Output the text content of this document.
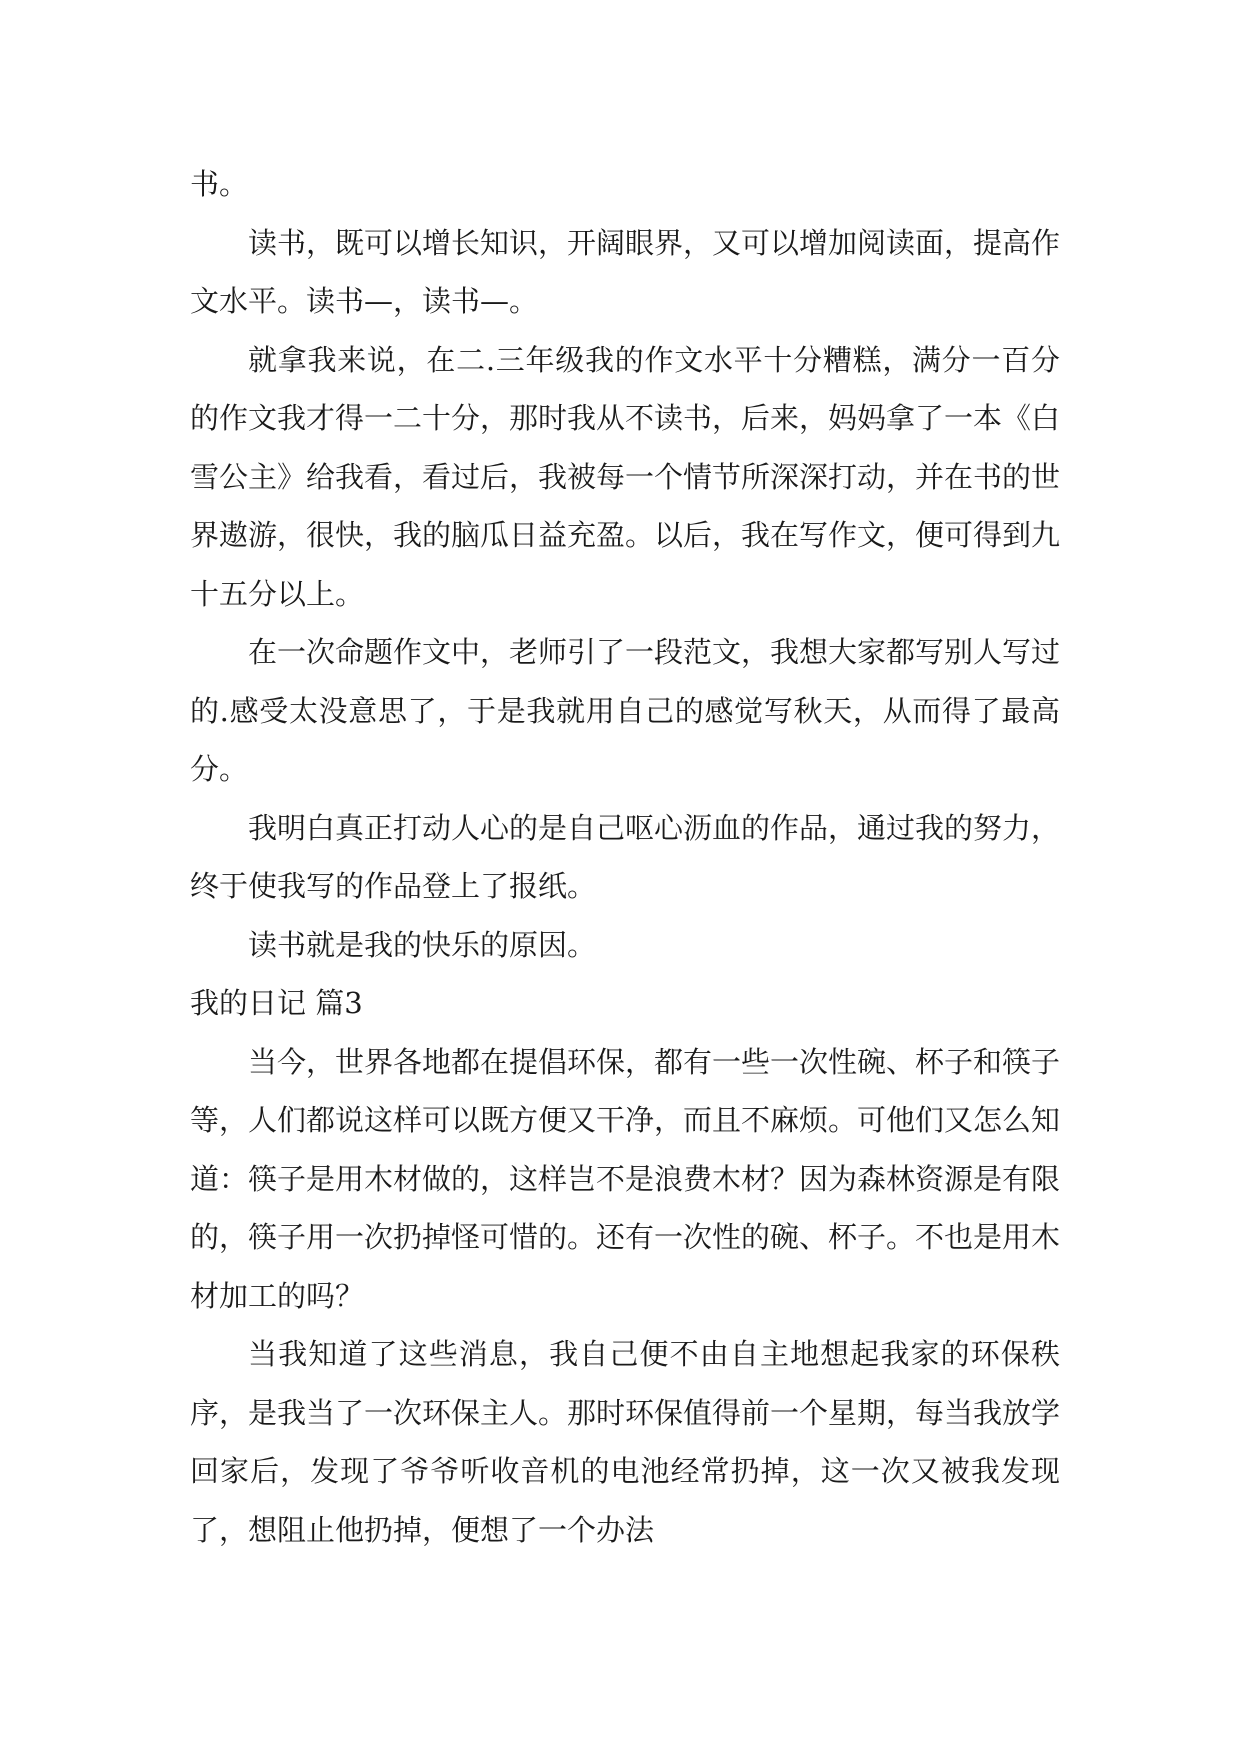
书。

读书，既可以增长知识，开阔眼界，又可以增加阅读面，提高作文水平。读书—，读书—。

就拿我来说，在二.三年级我的作文水平十分糟糕，满分一百分的作文我才得一二十分，那时我从不读书，后来，妈妈拿了一本《白雪公主》给我看，看过后，我被每一个情节所深深打动，并在书的世界遨游，很快，我的脑瓜日益充盈。以后，我在写作文，便可得到九十五分以上。

在一次命题作文中，老师引了一段范文，我想大家都写别人写过的.感受太没意思了，于是我就用自己的感觉写秋天，从而得了最高分。

我明白真正打动人心的是自己呕心沥血的作品，通过我的努力，终于使我写的作品登上了报纸。

读书就是我的快乐的原因。

我的日记 篇3

当今，世界各地都在提倡环保，都有一些一次性碗、杯子和筷子等，人们都说这样可以既方便又干净，而且不麻烦。可他们又怎么知道：筷子是用木材做的，这样岂不是浪费木材？因为森林资源是有限的，筷子用一次扔掉怪可惜的。还有一次性的碗、杯子。不也是用木材加工的吗？

当我知道了这些消息，我自己便不由自主地想起我家的环保秩序，是我当了一次环保主人。那时环保值得前一个星期，每当我放学回家后，发现了爷爷听收音机的电池经常扔掉，这一次又被我发现了，想阻止他扔掉，便想了一个办法
